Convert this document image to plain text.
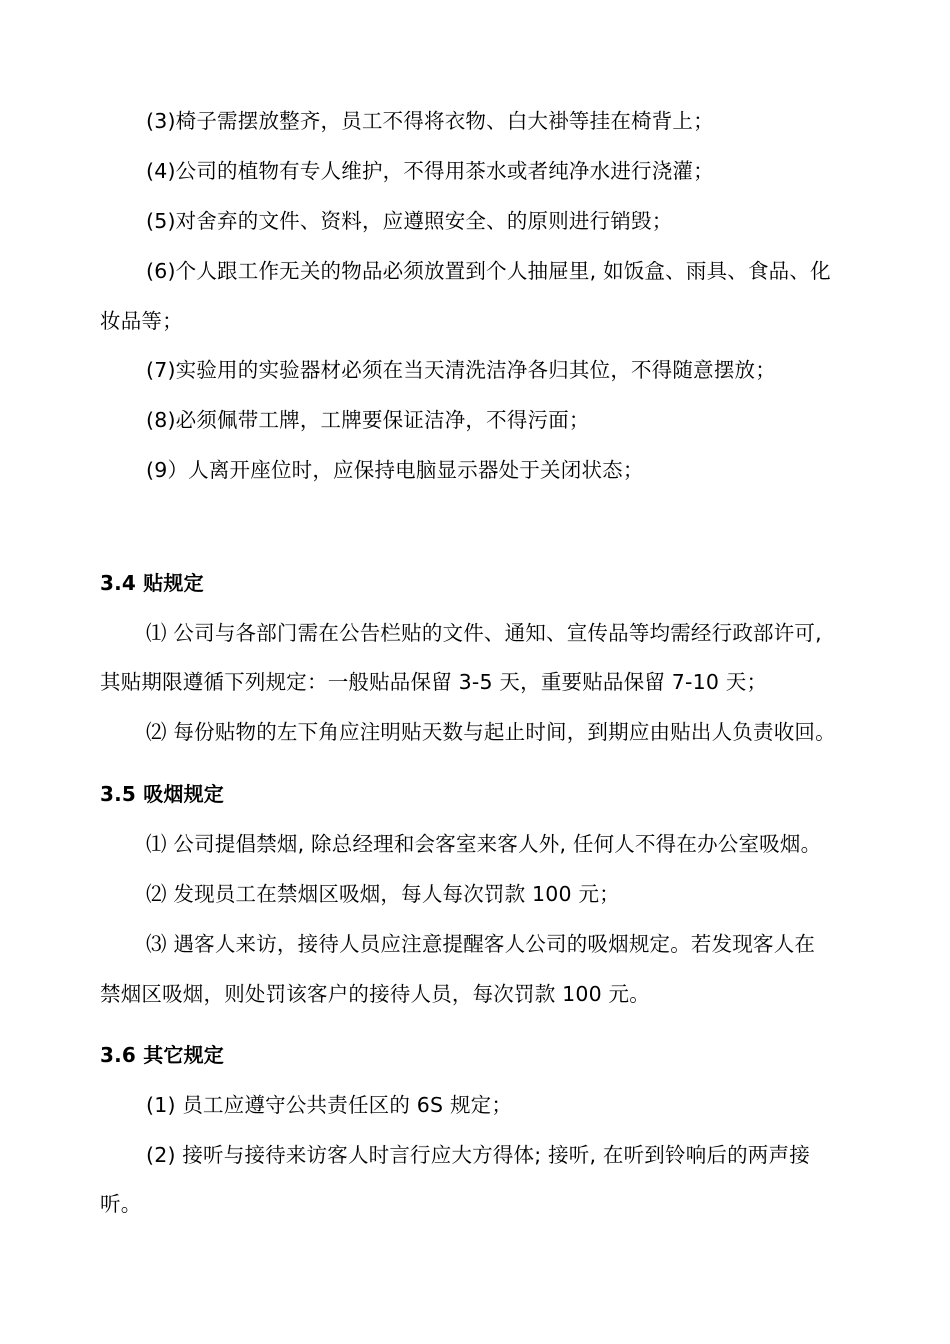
(3)椅子需摆放整齐，员工不得将衣物、白大褂等挂在椅背上；
(4)公司的植物有专人维护，不得用茶水或者纯净水进行浇灌；
(5)对舍弃的文件、资料，应遵照安全、的原则进行销毁；
(6)个人跟工作无关的物品必须放置到个人抽屉里, 如饭盒、雨具、食品、化
妆品等；
(7)实验用的实验器材必须在当天清洗洁净各归其位，不得随意摆放；
(8)必须佩带工牌，工牌要保证洁净，不得污面；
(9）人离开座位时，应保持电脑显示器处于关闭状态；
3.4 贴规定
⑴ 公司与各部门需在公告栏贴的文件、通知、宣传品等均需经行政部许可,
其贴期限遵循下列规定：一般贴品保留 3-5 天，重要贴品保留 7-10 天；
⑵ 每份贴物的左下角应注明贴天数与起止时间，到期应由贴出人负责收回。
3.5 吸烟规定
⑴ 公司提倡禁烟, 除总经理和会客室来客人外, 任何人不得在办公室吸烟。
⑵ 发现员工在禁烟区吸烟，每人每次罚款 100 元；
⑶ 遇客人来访，接待人员应注意提醒客人公司的吸烟规定。若发现客人在
禁烟区吸烟，则处罚该客户的接待人员，每次罚款 100 元。
3.6 其它规定
(1) 员工应遵守公共责任区的 6S 规定；
(2) 接听与接待来访客人时言行应大方得体; 接听, 在听到铃响后的两声接
听。
